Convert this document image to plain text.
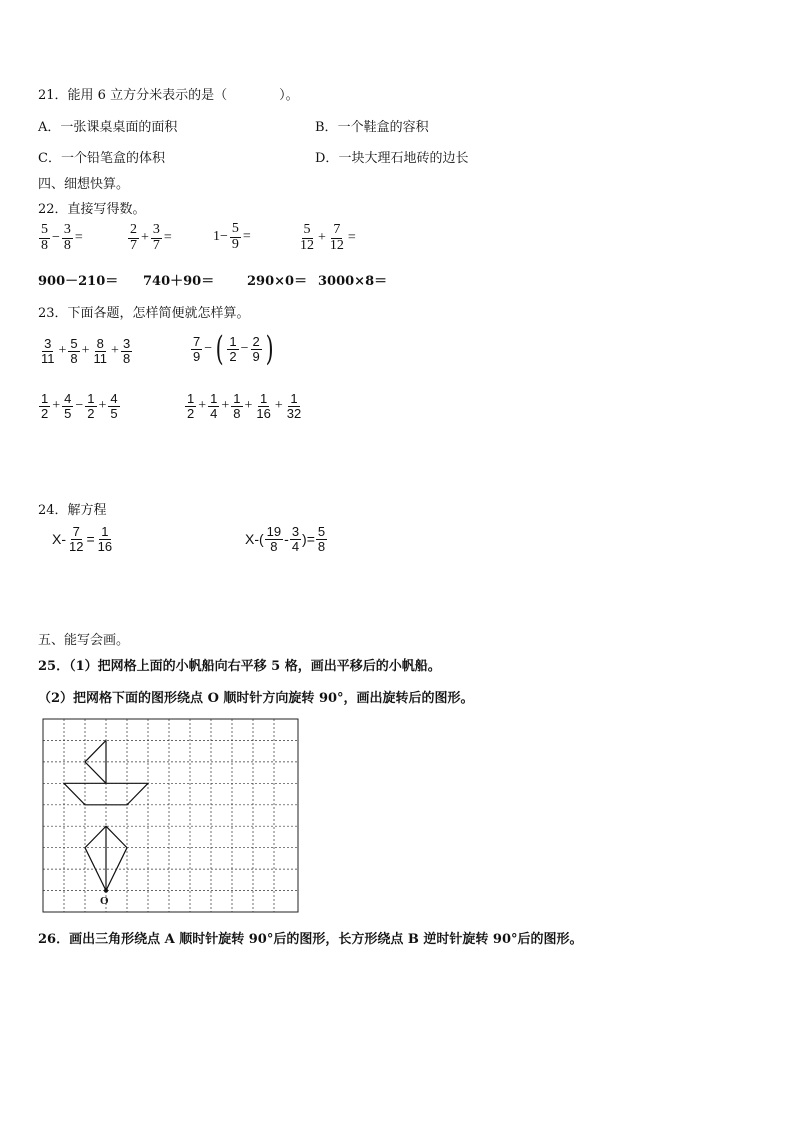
21．能用 6 立方分米表示的是（　　　　）。
A．一张课桌桌面的面积	B．一个鞋盒的容积
C．一个铅笔盒的体积	D．一块大理石地砖的边长
四、细想快算。
22．直接写得数。
$\frac{5}{8} - \frac{3}{8}$ =	$\frac{2}{7} + \frac{3}{7}$ =	$1- \frac{5}{9}$ =	$\frac{5}{12} + \frac{7}{12}$ =
900－210＝ 740＋90＝	290×0＝ 3000×8＝
23．下面各题，怎样简便就怎样算。
$\frac{3}{11} + \frac{5}{8} + \frac{8}{11} + \frac{3}{8}$	$\frac{7}{9}$ − ( $\frac{1}{2} - \frac{2}{9}$ )
$\frac{1}{2} + \frac{4}{5} - \frac{1}{2} + \frac{4}{5}$	$\frac{1}{2} + \frac{1}{4} + \frac{1}{8} + \frac{1}{16} + \frac{1}{32}$
24．解方程
$X- \frac{7}{12} = \frac{1}{16}$	$X-( \frac{19}{8} - \frac{3}{4}$ )= $\frac{5}{8}$
五、能写会画。
25．（1）把网格上面的小帆船向右平移 5 格，画出平移后的小帆船。
（2）把网格下面的图形绕点 O 顺时针方向旋转 90°，画出旋转后的图形。
O
26．画出三角形绕点 A 顺时针旋转 90°后的图形，长方形绕点 B 逆时针旋转 90°后的图形。
